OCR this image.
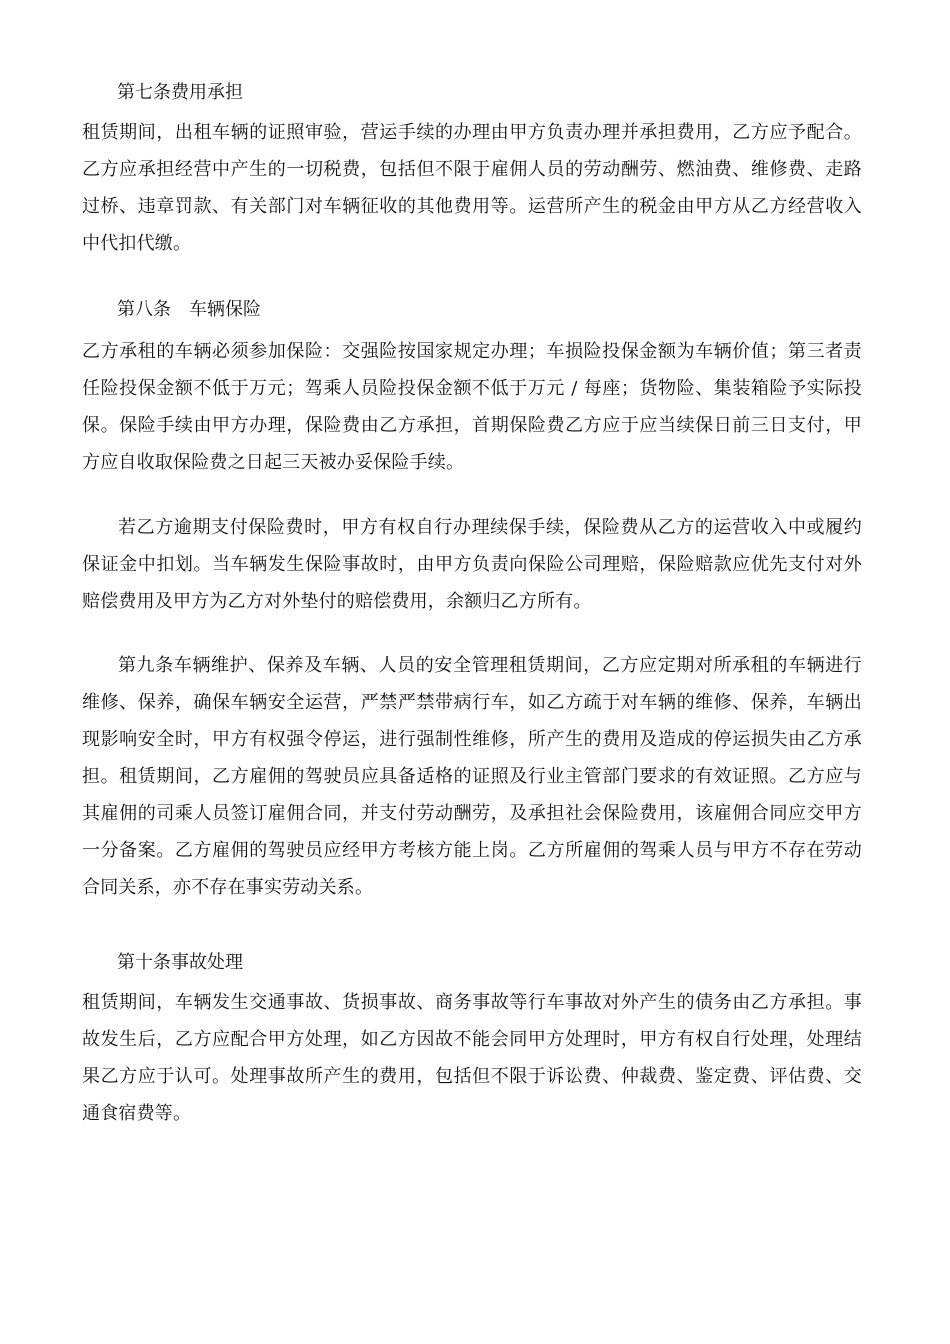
第七条费用承担

租赁期间，出租车辆的证照审验，营运手续的办理由甲方负责办理并承担费用，乙方应予配合。乙方应承担经营中产生的一切税费，包括但不限于雇佣人员的劳动酬劳、燃油费、维修费、走路过桥、违章罚款、有关部门对车辆征收的其他费用等。运营所产生的税金由甲方从乙方经营收入中代扣代缴。

第八条　车辆保险

乙方承租的车辆必须参加保险：交强险按国家规定办理；车损险投保金额为车辆价值；第三者责任险投保金额不低于万元；驾乘人员险投保金额不低于万元 / 每座；货物险、集装箱险予实际投保。保险手续由甲方办理，保险费由乙方承担，首期保险费乙方应于应当续保日前三日支付，甲方应自收取保险费之日起三天被办妥保险手续。

若乙方逾期支付保险费时，甲方有权自行办理续保手续，保险费从乙方的运营收入中或履约保证金中扣划。当车辆发生保险事故时，由甲方负责向保险公司理赔，保险赔款应优先支付对外赔偿费用及甲方为乙方对外垫付的赔偿费用，余额归乙方所有。

第九条车辆维护、保养及车辆、人员的安全管理租赁期间，乙方应定期对所承租的车辆进行维修、保养，确保车辆安全运营，严禁严禁带病行车，如乙方疏于对车辆的维修、保养，车辆出现影响安全时，甲方有权强令停运，进行强制性维修，所产生的费用及造成的停运损失由乙方承担。租赁期间，乙方雇佣的驾驶员应具备适格的证照及行业主管部门要求的有效证照。乙方应与其雇佣的司乘人员签订雇佣合同，并支付劳动酬劳，及承担社会保险费用，该雇佣合同应交甲方一分备案。乙方雇佣的驾驶员应经甲方考核方能上岗。乙方所雇佣的驾乘人员与甲方不存在劳动合同关系，亦不存在事实劳动关系。

第十条事故处理

租赁期间，车辆发生交通事故、货损事故、商务事故等行车事故对外产生的债务由乙方承担。事故发生后，乙方应配合甲方处理，如乙方因故不能会同甲方处理时，甲方有权自行处理，处理结果乙方应于认可。处理事故所产生的费用，包括但不限于诉讼费、仲裁费、鉴定费、评估费、交通食宿费等。
